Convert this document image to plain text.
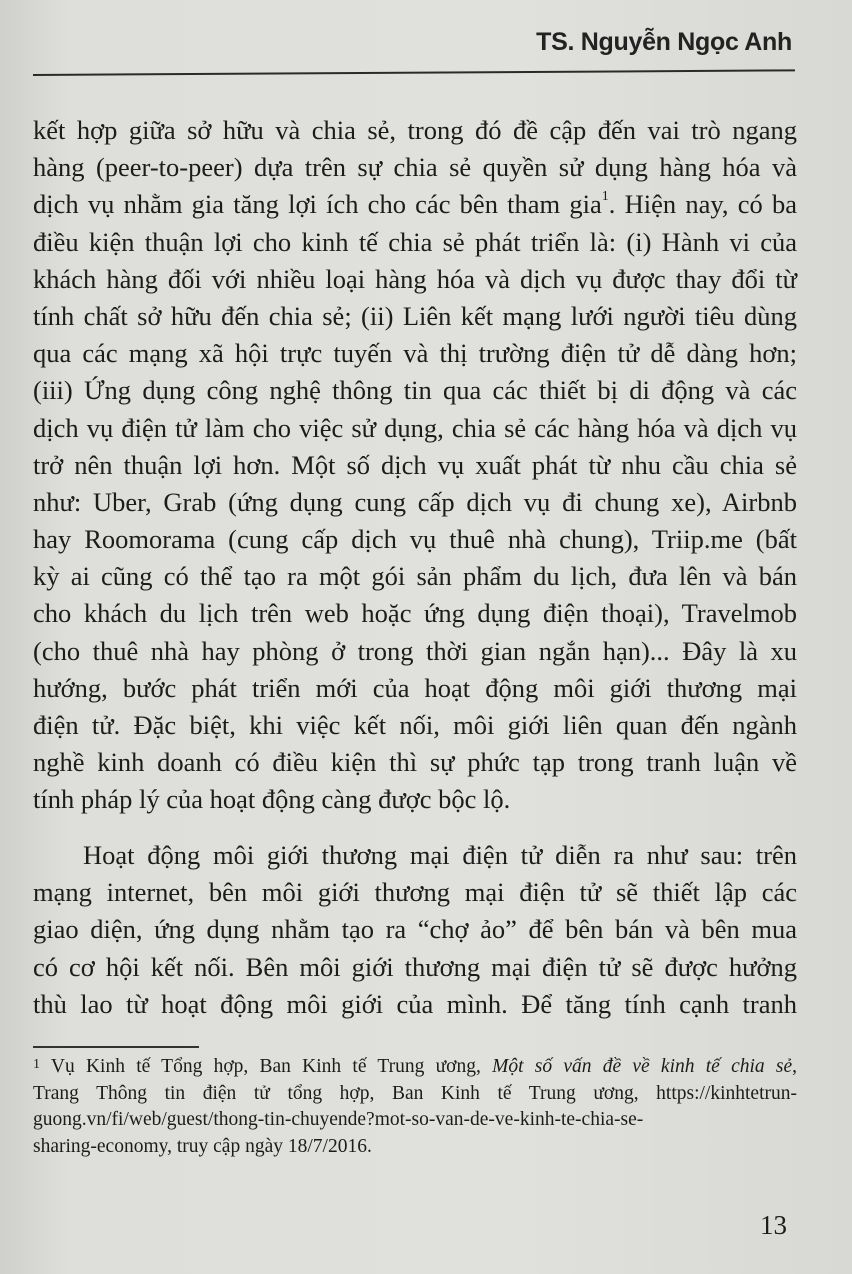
TS. Nguyễn Ngọc Anh
kết hợp giữa sở hữu và chia sẻ, trong đó đề cập đến vai trò ngang
hàng (peer-to-peer) dựa trên sự chia sẻ quyền sử dụng hàng hóa và
dịch vụ nhằm gia tăng lợi ích cho các bên tham gia$^1$. Hiện nay, có ba
điều kiện thuận lợi cho kinh tế chia sẻ phát triển là: (i) Hành vi của
khách hàng đối với nhiều loại hàng hóa và dịch vụ được thay đổi từ
tính chất sở hữu đến chia sẻ; (ii) Liên kết mạng lưới người tiêu dùng
qua các mạng xã hội trực tuyến và thị trường điện tử dễ dàng hơn;
(iii) Ứng dụng công nghệ thông tin qua các thiết bị di động và các
dịch vụ điện tử làm cho việc sử dụng, chia sẻ các hàng hóa và dịch vụ
trở nên thuận lợi hơn. Một số dịch vụ xuất phát từ nhu cầu chia sẻ
như: Uber, Grab (ứng dụng cung cấp dịch vụ đi chung xe), Airbnb
hay Roomorama (cung cấp dịch vụ thuê nhà chung), Triip.me (bất
kỳ ai cũng có thể tạo ra một gói sản phẩm du lịch, đưa lên và bán
cho khách du lịch trên web hoặc ứng dụng điện thoại), Travelmob
(cho thuê nhà hay phòng ở trong thời gian ngắn hạn)... Đây là xu
hướng, bước phát triển mới của hoạt động môi giới thương mại
điện tử. Đặc biệt, khi việc kết nối, môi giới liên quan đến ngành
nghề kinh doanh có điều kiện thì sự phức tạp trong tranh luận về
tính pháp lý của hoạt động càng được bộc lộ.
Hoạt động môi giới thương mại điện tử diễn ra như sau: trên
mạng internet, bên môi giới thương mại điện tử sẽ thiết lập các
giao diện, ứng dụng nhằm tạo ra “chợ ảo” để bên bán và bên mua
có cơ hội kết nối. Bên môi giới thương mại điện tử sẽ được hưởng
thù lao từ hoạt động môi giới của mình. Để tăng tính cạnh tranh
$^1$ Vụ Kinh tế Tổng hợp, Ban Kinh tế Trung ương, Một số vấn đề về kinh tế chia sẻ,
Trang Thông tin điện tử tổng hợp, Ban Kinh tế Trung ương, https://kinhtetrun-
guong.vn/fi/web/guest/thong-tin-chuyende?mot-so-van-de-ve-kinh-te-chia-se-
sharing-economy, truy cập ngày 18/7/2016.
13
